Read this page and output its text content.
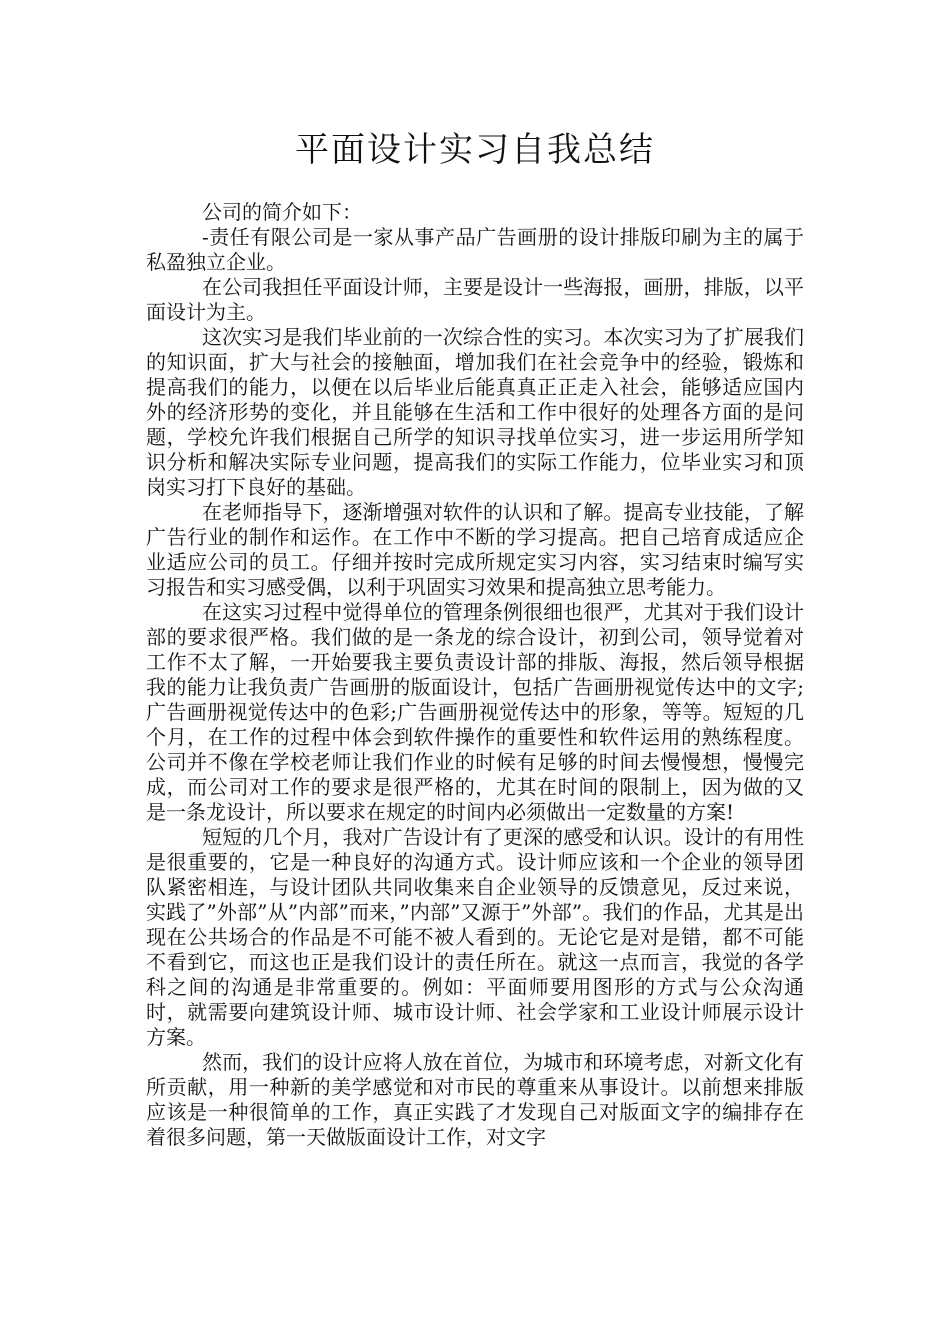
平面设计实习自我总结

公司的简介如下：

-责任有限公司是一家从事产品广告画册的设计排版印刷为主的属于私盈独立企业。

在公司我担任平面设计师，主要是设计一些海报，画册，排版，以平面设计为主。

这次实习是我们毕业前的一次综合性的实习。本次实习为了扩展我们的知识面，扩大与社会的接触面，增加我们在社会竞争中的经验，锻炼和提高我们的能力，以便在以后毕业后能真真正正走入社会，能够适应国内外的经济形势的变化，并且能够在生活和工作中很好的处理各方面的是问题，学校允许我们根据自己所学的知识寻找单位实习，进一步运用所学知识分析和解决实际专业问题，提高我们的实际工作能力，位毕业实习和顶岗实习打下良好的基础。

在老师指导下，逐渐增强对软件的认识和了解。提高专业技能，了解广告行业的制作和运作。在工作中不断的学习提高。把自己培育成适应企业适应公司的员工。仔细并按时完成所规定实习内容，实习结束时编写实习报告和实习感受偶，以利于巩固实习效果和提高独立思考能力。

在这实习过程中觉得单位的管理条例很细也很严，尤其对于我们设计部的要求很严格。我们做的是一条龙的综合设计，初到公司，领导觉着对工作不太了解，一开始要我主要负责设计部的排版、海报，然后领导根据我的能力让我负责广告画册的版面设计，包括广告画册视觉传达中的文字;广告画册视觉传达中的色彩;广告画册视觉传达中的形象，等等。短短的几个月，在工作的过程中体会到软件操作的重要性和软件运用的熟练程度。公司并不像在学校老师让我们作业的时候有足够的时间去慢慢想，慢慢完成，而公司对工作的要求是很严格的，尤其在时间的限制上，因为做的又是一条龙设计，所以要求在规定的时间内必须做出一定数量的方案!

短短的几个月，我对广告设计有了更深的感受和认识。设计的有用性是很重要的，它是一种良好的沟通方式。设计师应该和一个企业的领导团队紧密相连，与设计团队共同收集来自企业领导的反馈意见，反过来说，实践了”外部”从”内部”而来，”内部”又源于”外部”。我们的作品，尤其是出现在公共场合的作品是不可能不被人看到的。无论它是对是错，都不可能不看到它，而这也正是我们设计的责任所在。就这一点而言，我觉的各学科之间的沟通是非常重要的。例如：平面师要用图形的方式与公众沟通时，就需要向建筑设计师、城市设计师、社会学家和工业设计师展示设计方案。

然而，我们的设计应将人放在首位，为城市和环境考虑，对新文化有所贡献，用一种新的美学感觉和对市民的尊重来从事设计。以前想来排版应该是一种很简单的工作，真正实践了才发现自己对版面文字的编排存在着很多问题，第一天做版面设计工作，对文字
